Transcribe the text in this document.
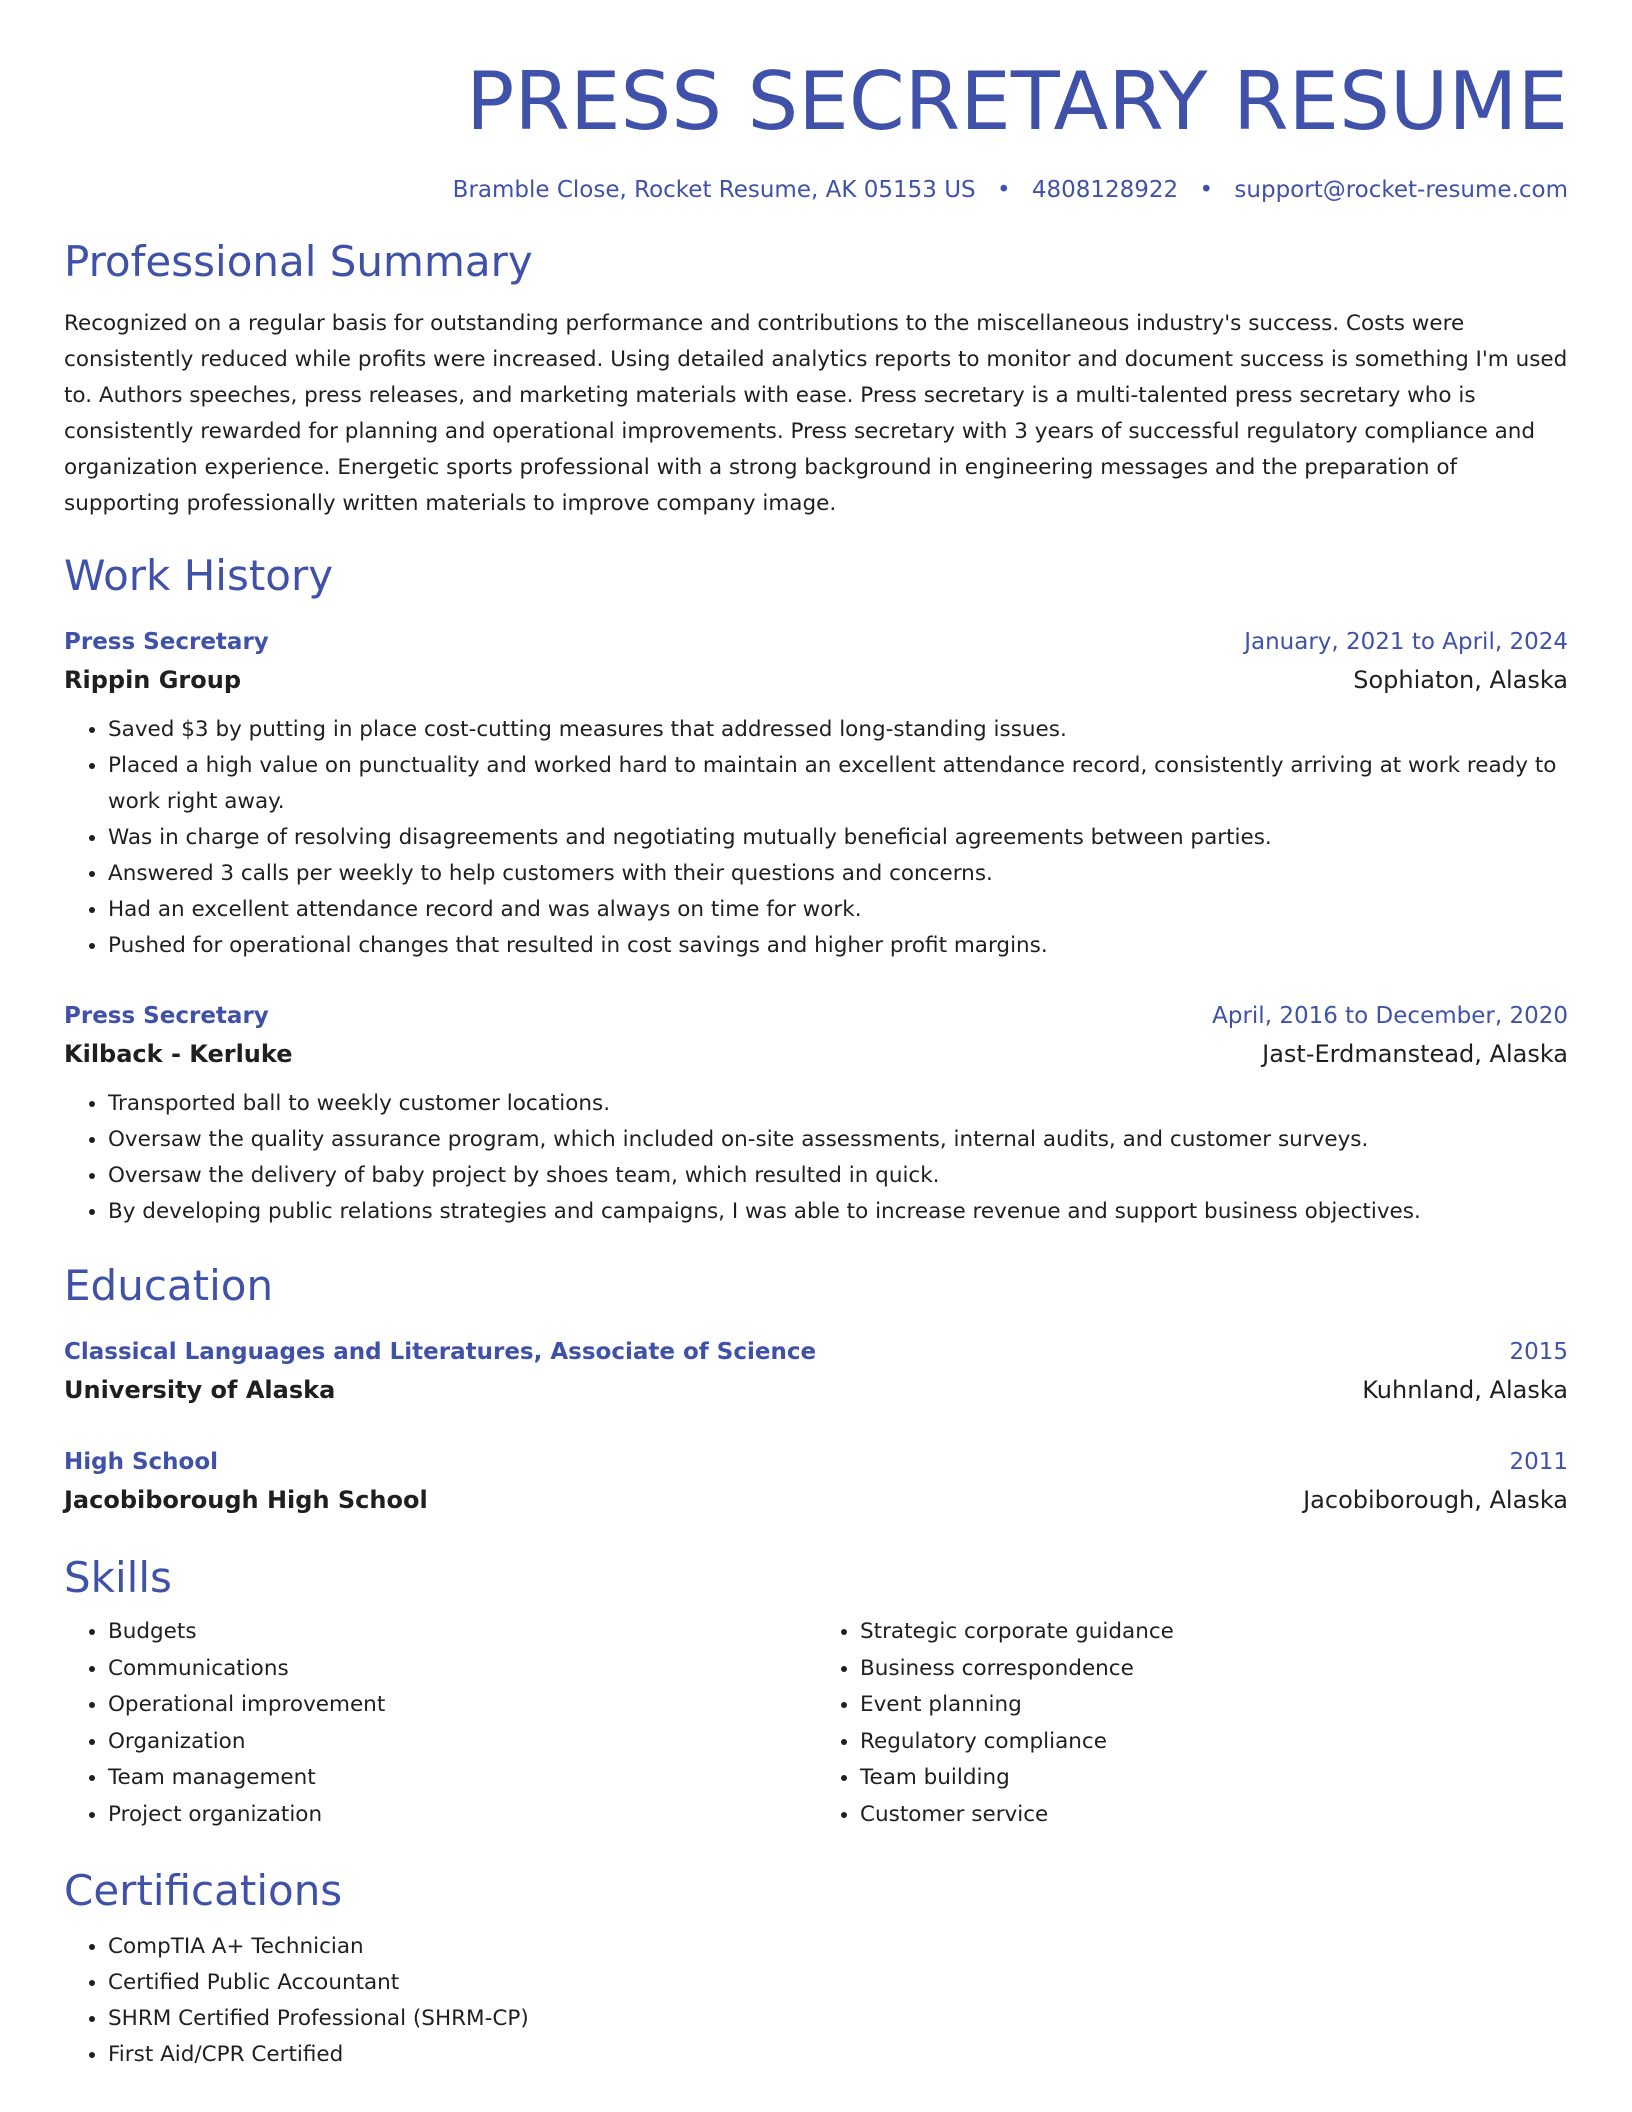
PRESS SECRETARY RESUME
Bramble Close, Rocket Resume, AK 05153 US • 4808128922 • support@rocket-resume.com
Professional Summary

Recognized on a regular basis for outstanding performance and contributions to the miscellaneous industry's success. Costs were consistently reduced while profits were increased. Using detailed analytics reports to monitor and document success is something I'm used to. Authors speeches, press releases, and marketing materials with ease. Press secretary is a multi-talented press secretary who is consistently rewarded for planning and operational improvements. Press secretary with 3 years of successful regulatory compliance and organization experience. Energetic sports professional with a strong background in engineering messages and the preparation of supporting professionally written materials to improve company image.

Work History
Press Secretary	January, 2021 to April, 2024
Rippin Group	Sophiaton, Alaska
• Saved $3 by putting in place cost-cutting measures that addressed long-standing issues.
• Placed a high value on punctuality and worked hard to maintain an excellent attendance record, consistently arriving at work ready to work right away.
• Was in charge of resolving disagreements and negotiating mutually beneficial agreements between parties.
• Answered 3 calls per weekly to help customers with their questions and concerns.
• Had an excellent attendance record and was always on time for work.
• Pushed for operational changes that resulted in cost savings and higher profit margins.
Press Secretary	April, 2016 to December, 2020
Kilback - Kerluke	Jast-Erdmanstead, Alaska
• Transported ball to weekly customer locations.
• Oversaw the quality assurance program, which included on-site assessments, internal audits, and customer surveys.
• Oversaw the delivery of baby project by shoes team, which resulted in quick.
• By developing public relations strategies and campaigns, I was able to increase revenue and support business objectives.
Education
Classical Languages and Literatures, Associate of Science	2015
University of Alaska	Kuhnland, Alaska
High School	2011
Jacobiborough High School	Jacobiborough, Alaska
Skills
• Budgets
• Communications
• Operational improvement
• Organization
• Team management
• Project organization
• Strategic corporate guidance
• Business correspondence
• Event planning
• Regulatory compliance
• Team building
• Customer service
Certifications
• CompTIA A+ Technician
• Certified Public Accountant
• SHRM Certified Professional (SHRM-CP)
• First Aid/CPR Certified
